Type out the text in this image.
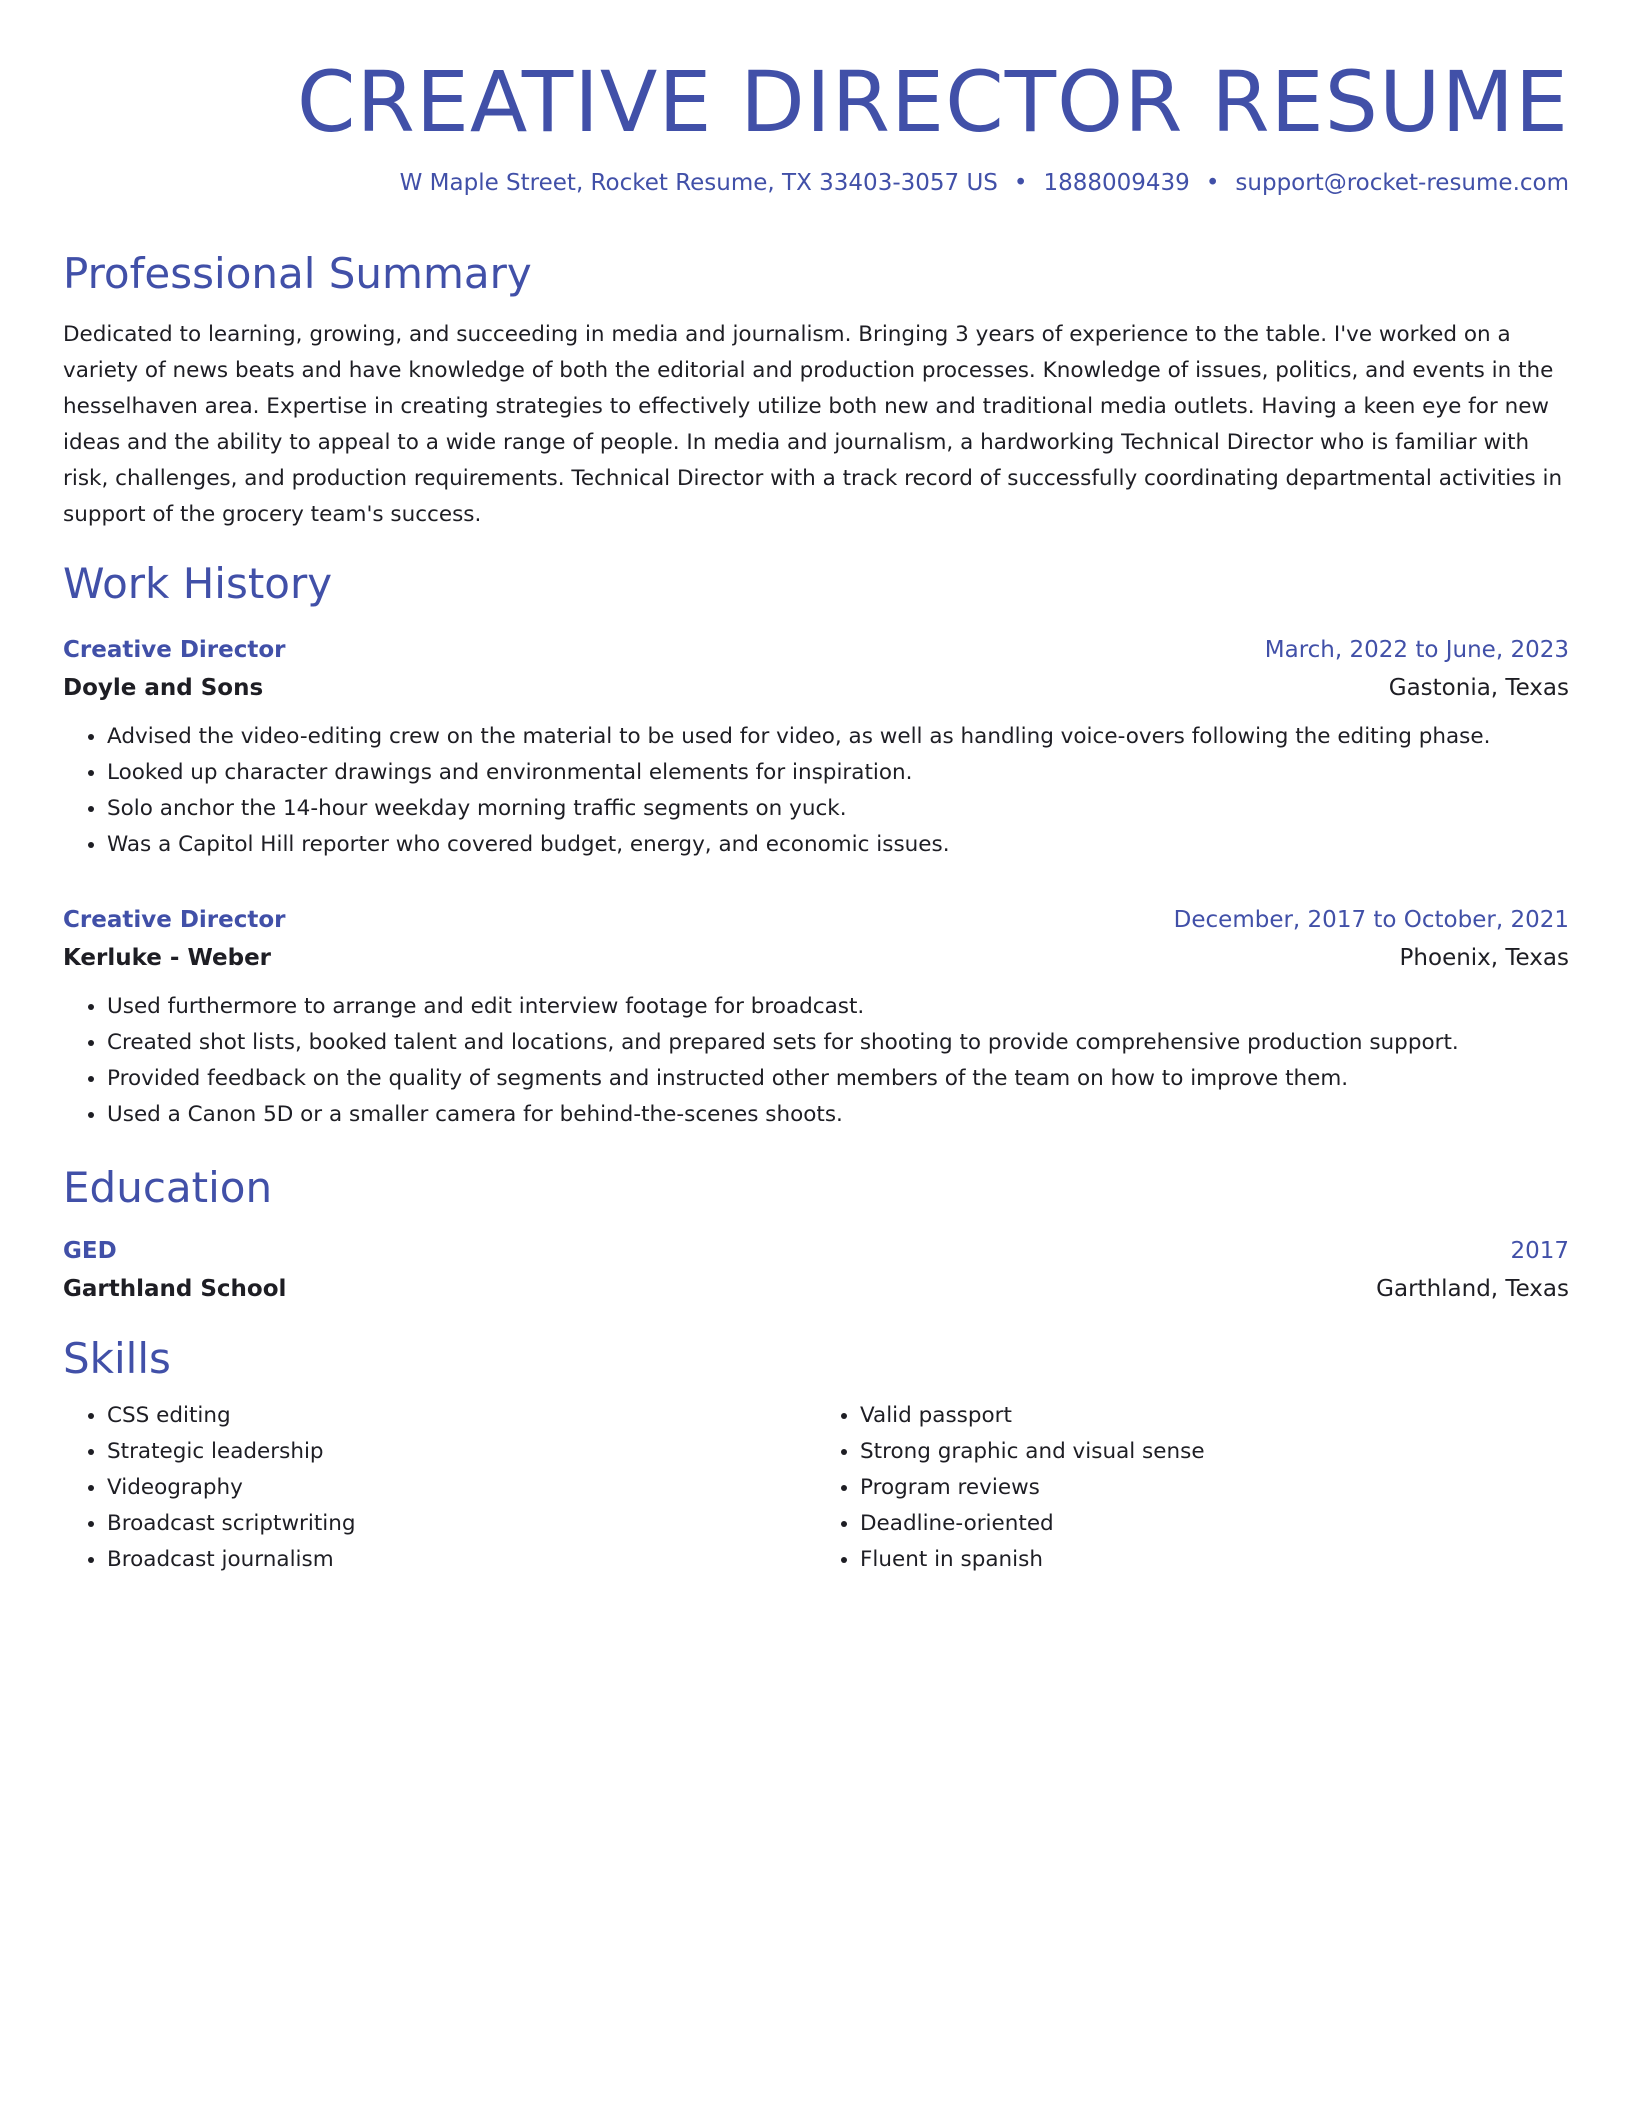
CREATIVE DIRECTOR RESUME
W Maple Street, Rocket Resume, TX 33403-3057 US • 1888009439 • support@rocket-resume.com
Professional Summary
Dedicated to learning, growing, and succeeding in media and journalism. Bringing 3 years of experience to the table. I've worked on a variety of news beats and have knowledge of both the editorial and production processes. Knowledge of issues, politics, and events in the hesselhaven area. Expertise in creating strategies to effectively utilize both new and traditional media outlets. Having a keen eye for new ideas and the ability to appeal to a wide range of people. In media and journalism, a hardworking Technical Director who is familiar with risk, challenges, and production requirements. Technical Director with a track record of successfully coordinating departmental activities in support of the grocery team's success.
Work History
Creative Director	March, 2022 to June, 2023
Doyle and Sons	Gastonia, Texas
• Advised the video-editing crew on the material to be used for video, as well as handling voice-overs following the editing phase.
• Looked up character drawings and environmental elements for inspiration.
• Solo anchor the 14-hour weekday morning traffic segments on yuck.
• Was a Capitol Hill reporter who covered budget, energy, and economic issues.
Creative Director	December, 2017 to October, 2021
Kerluke - Weber	Phoenix, Texas
• Used furthermore to arrange and edit interview footage for broadcast.
• Created shot lists, booked talent and locations, and prepared sets for shooting to provide comprehensive production support.
• Provided feedback on the quality of segments and instructed other members of the team on how to improve them.
• Used a Canon 5D or a smaller camera for behind-the-scenes shoots.
Education
GED	2017
Garthland School	Garthland, Texas
Skills
• CSS editing
• Strategic leadership
• Videography
• Broadcast scriptwriting
• Broadcast journalism
• Valid passport
• Strong graphic and visual sense
• Program reviews
• Deadline-oriented
• Fluent in spanish
